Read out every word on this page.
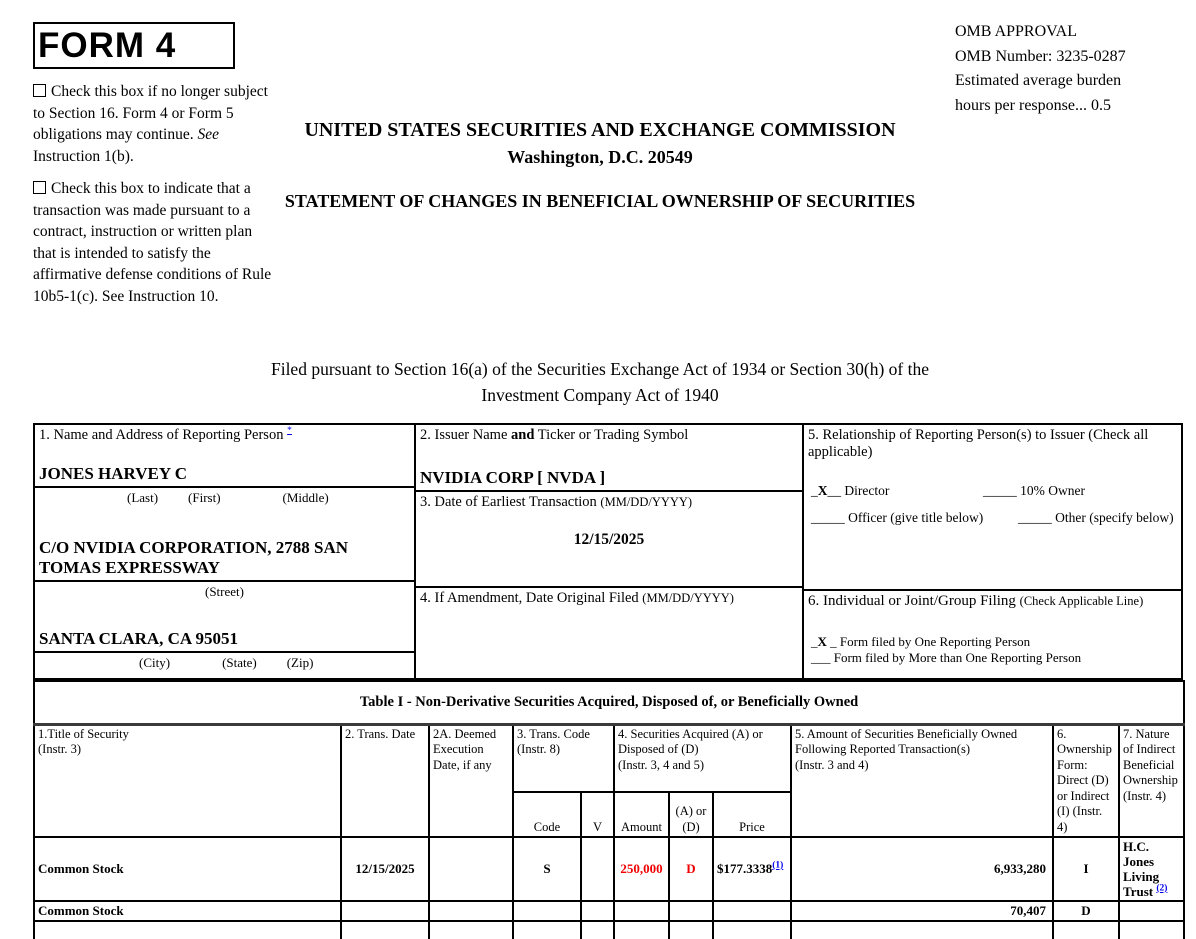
FORM 4
Check this box if no longer subject to Section 16. Form 4 or Form 5 obligations may continue. See Instruction 1(b).
Check this box to indicate that a transaction was made pursuant to a contract, instruction or written plan that is intended to satisfy the affirmative defense conditions of Rule 10b5-1(c). See Instruction 10.
UNITED STATES SECURITIES AND EXCHANGE COMMISSION
Washington, D.C. 20549
STATEMENT OF CHANGES IN BENEFICIAL OWNERSHIP OF SECURITIES
Filed pursuant to Section 16(a) of the Securities Exchange Act of 1934 or Section 30(h) of the Investment Company Act of 1940
OMB APPROVAL
OMB Number: 3235-0287
Estimated average burden
hours per response... 0.5
1. Name and Address of Reporting Person *
JONES HARVEY C
(Last) (First)	(Middle)
C/O NVIDIA CORPORATION, 2788 SAN TOMAS EXPRESSWAY
(Street)
SANTA CLARA, CA 95051
(City)	(State) (Zip)
2. Issuer Name and Ticker or Trading Symbol
NVIDIA CORP [ NVDA ]
3. Date of Earliest Transaction (MM/DD/YYYY)
12/15/2025
4. If Amendment, Date Original Filed (MM/DD/YYYY)
5. Relationship of Reporting Person(s) to Issuer (Check all applicable)
_X__ Director	_____ 10% Owner
_____ Officer (give title below)	_____ Other (specify below)
6. Individual or Joint/Group Filing (Check Applicable Line)
_X _ Form filed by One Reporting Person
___ Form filed by More than One Reporting Person
Table I - Non-Derivative Securities Acquired, Disposed of, or Beneficially Owned										

1.Title of Security
(Instr. 3)	2. Trans. Date	2A. Deemed Execution Date, if any	3. Trans. Code
(Instr. 8)		4. Securities Acquired (A) or Disposed of (D)
(Instr. 3, 4 and 5)			5. Amount of Securities Beneficially Owned Following Reported Transaction(s)
(Instr. 3 and 4)	6. Ownership Form: Direct (D) or Indirect (I) (Instr. 4)	7. Nature of Indirect Beneficial Ownership (Instr. 4)
			Code	V	Amount	(A) or (D)	Price			
Common Stock	12/15/2025		S		250,000	D	$177.3338$^{(1)}$	6,933,280	I	H.C. Jones Living Trust $^{(2)}$
Common Stock								70,407	D	
